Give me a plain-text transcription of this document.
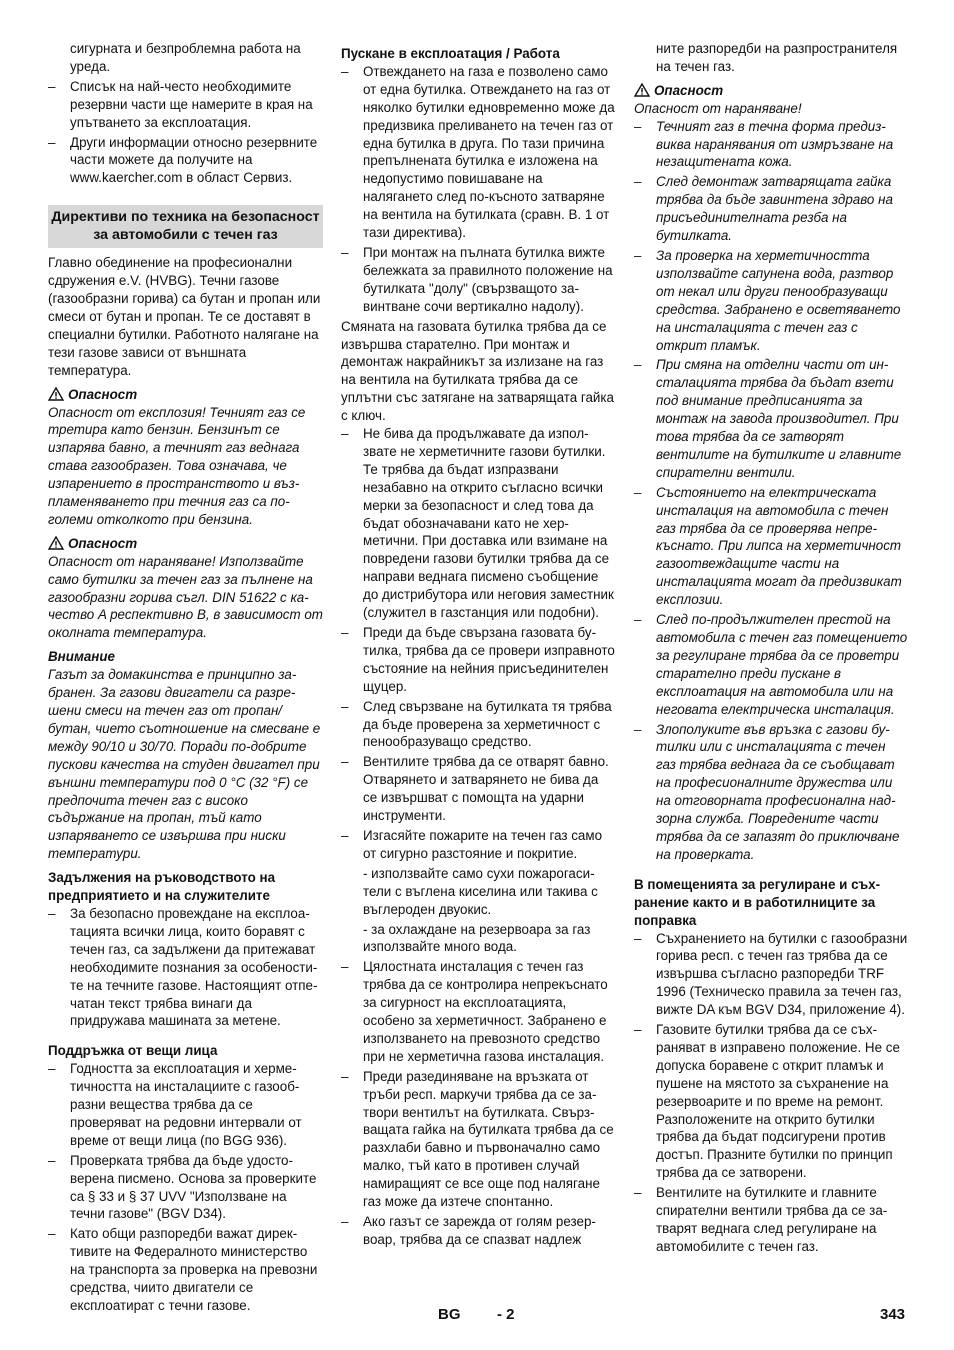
сигурната и безпроблемна работа на уреда.

– Списък на най-често необходимите резервни части ще намерите в края на упътването за експлоатация.
– Други информации относно резервните части можете да получите на www.kaercher.com в област Сервиз.
Директиви по техника на безопасност за автомобили с течен газ

Главно обединение на професионални сдружения e.V. (HVBG). Течни газове (газообразни горива) са бутан и пропан или смеси от бутан и пропан. Те се доставят в специални бутилки. Работното налягане на тези газове зависи от външната температура.

Опасност

Опасност от експлозия! Течният газ се третира като бензин. Бензинът се изпарява бавно, а течният газ веднага става газообразен. Това означава, че изпарението в пространството и възпламеняването при течния газ са поголеми отколкото при бензина.

Опасност

Опасност от нараняване! Използвайте само бутилки за течен газ за пълнене на газообразни горива съгл. DIN 51622 с качество A респективно B, в зависимост от околната температура.

Внимание

Газът за домакинства е принципно забранен. За газови двигатели са разрешени смеси на течен газ от пропан/ бутан, чието съотношение на смесване е между 90/10 и 30/70. Поради по-добрите пускови качества на студен двигател при външни температури под 0 °C (32 °F) се предпочита течен газ с високо съдържание на пропан, тъй като изпаряването се извършва при ниски температури.

Задължения на ръководството на предприятието и на служителите
– За безопасно провеждане на експлоатацията всички лица, които боравят с течен газ, са задължени да притежават необходимите познания за особеностите на течните газове. Настоящият отпечатан текст трябва винаги да придружава машината за метене.
Поддръжка от вещи лица
– Годността за експлоатация и херметичността на инсталациите с газообразни вещества трябва да се проверяват на редовни интервали от време от вещи лица (по BGG 936).
– Проверката трябва да бъде удостоверена писмено. Основа за проверките са § 33 и § 37 UVV "Използване на течни газове" (BGV D34).
– Като общи разпоредби важат директивите на Федералното министерство на транспорта за проверка на превозни средства, чиито двигатели се експлоатират с течни газове.
Пускане в експлоатация / Работа
– Отвеждането на газа е позволено само от една бутилка. Отвеждането на газ от няколко бутилки едновременно може да предизвика преливането на течен газ от една бутилка в друга. По тази причина препълнената бутилка е изложена на недопустимо повишаване на налягането след по-късното затваряне на вентила на бутилката (сравн. В. 1 от тази директива).
– При монтаж на пълната бутилка вижте бележката за правилното положение на бутилката "долу" (свързващото завинтване сочи вертикално надолу).

Смяната на газовата бутилка трябва да се извършва старателно. При монтаж и демонтаж накрайникът за излизане на газ на вентила на бутилката трябва да се уплътни със затягане на затварящата гайка с ключ.

– Не бива да продължавате да използвате не херметичните газови бутилки. Те трябва да бъдат изпразвани незабавно на открито съгласно всички мерки за безопасност и след това да бъдат обозначавани като не херметични. При доставка или взимане на повредени газови бутилки трябва да се направи веднага писмено съобщение до дистрибутора или неговия заместник (служител в газстанция или подобни).
– Преди да бъде свързана газовата бутилка, трябва да се провери изправното състояние на нейния присъединителен щуцер.
– След свързване на бутилката тя трябва да бъде проверена за херметичност с пенообразуващо средство.
– Вентилите трябва да се отварят бавно. Отварянето и затварянето не бива да се извършват с помощта на ударни инструменти.
– Изгасяйте пожарите на течен газ само от сигурно разстояние и покритие.
- използвайте само сухи пожарогасители с въглена киселина или такива с въглероден двуокис.
- за охлаждане на резервоара за газ използвайте много вода.
– Цялостната инсталация с течен газ трябва да се контролира непрекъснато за сигурност на експлоатацията, особено за херметичност. Забранено е използването на превозното средство при не херметична газова инсталация.
– Преди разединяване на връзката от тръби респ. маркучи трябва да се затвори вентилът на бутилката. Свързващата гайка на бутилката трябва да се разхлаби бавно и първоначално само малко, тъй като в противен случай намиращият се все още под налягане газ може да изтече спонтанно.
– Ако газът се зарежда от голям резервоар, трябва да се спазват надлеж

ните разпоредби на разпространителя на течен газ.

Опасност

Опасност от нараняване!

– Течният газ в течна форма предизвиква наранявания от измръзване на незащитената кожа.
– След демонтаж затварящата гайка трябва да бъде завинтена здраво на присъединителната резба на бутилката.
– За проверка на херметичността използвайте сапунена вода, разтвор от некал или други пенообразуващи средства. Забранено е осветяването на инсталацията с течен газ с открит пламък.
– При смяна на отделни части от инсталацията трябва да бъдат взети под внимание предписанията за монтаж на завода производител. При това трябва да се затворят вентилите на бутилките и главните спирателни вентили.
– Състоянието на електрическата инсталация на автомобила с течен газ трябва да се проверява непрекъснато. При липса на херметичност газоотвеждащите части на инсталацията могат да предизвикат експлозии.
– След по-продължителен престой на автомобила с течен газ помещението за регулиране трябва да се проветри старателно преди пускане в експлоатация на автомобила или на неговата електрическа инсталация.
– Злополуките във връзка с газови бутилки или с инсталацията с течен газ трябва веднага да се съобщават на професионалните дружества или на отговорната професионална надзорна служба. Повредените части трябва да се запазят до приключване на проверката.
В помещенията за регулиране и съхранение както и в работилниците за поправка
– Съхранението на бутилки с газообразни горива респ. с течен газ трябва да се извършва съгласно разпоредби TRF 1996 (Техническо правила за течен газ, вижте DA към BGV D34, приложение 4).
– Газовите бутилки трябва да се съхраняват в изправено положение. Не се допуска боравене с открит пламък и пушене на мястото за съхранение на резервоарите и по време на ремонт. Разположените на открито бутилки трябва да бъдат подсигурени против достъп. Празните бутилки по принцип трябва да се затворени.
– Вентилите на бутилките и главните спирателни вентили трябва да се затварят веднага след регулиране на автомобилите с течен газ.
BG - 2	343
